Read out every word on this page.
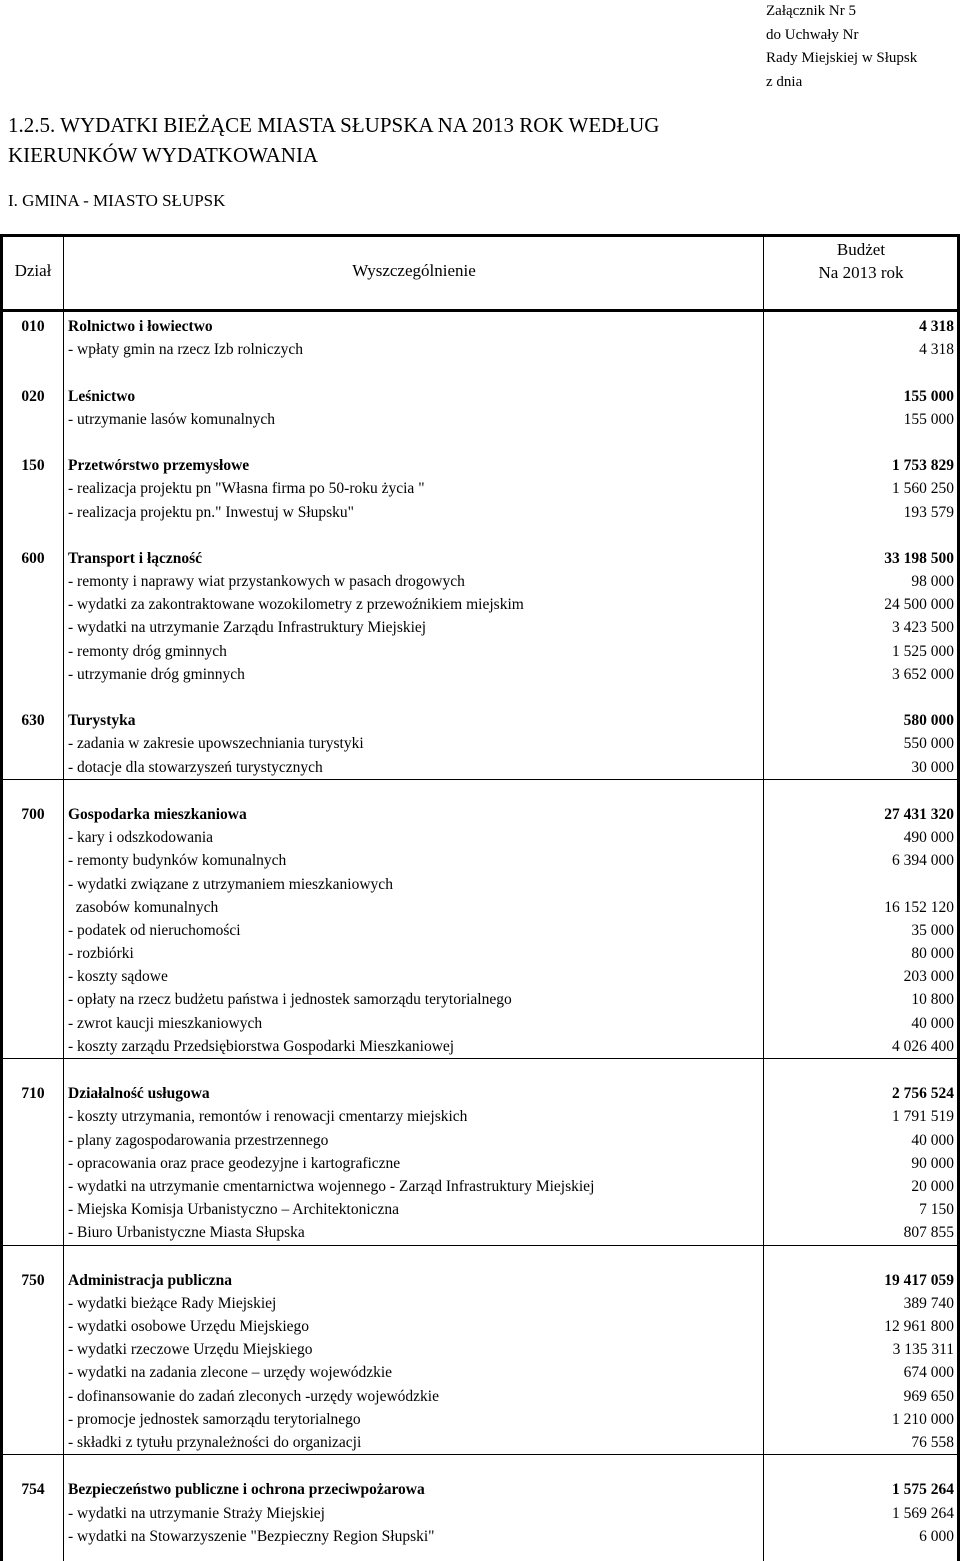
Załącznik Nr 5
do Uchwały Nr
Rady Miejskiej w Słupsk
z dnia
1.2.5. WYDATKI BIEŻĄCE MIASTA SŁUPSKA NA 2013 ROK WEDŁUG
KIERUNKÓW WYDATKOWANIA
I. GMINA - MIASTO SŁUPSK
Dział	Wyszczególnienie
Budżet
Na 2013 rok
010	Rolnictwo i łowiectwo	4 318
- wpłaty gmin na rzecz Izb rolniczych	4 318
020	Leśnictwo	155 000
- utrzymanie lasów komunalnych	155 000
150	Przetwórstwo przemysłowe	1 753 829
- realizacja projektu pn "Własna firma po 50-roku życia "	1 560 250
- realizacja projektu pn." Inwestuj w Słupsku"	193 579
600	Transport i łączność	33 198 500
- remonty i naprawy wiat przystankowych w pasach drogowych	98 000
- wydatki za zakontraktowane wozokilometry z przewoźnikiem miejskim	24 500 000
- wydatki na utrzymanie Zarządu Infrastruktury Miejskiej	3 423 500
- remonty dróg gminnych	1 525 000
- utrzymanie dróg gminnych	3 652 000
630	Turystyka	580 000
- zadania w zakresie upowszechniania turystyki	550 000
- dotacje dla stowarzyszeń turystycznych	30 000
700	Gospodarka mieszkaniowa	27 431 320
- kary i odszkodowania	490 000
- remonty budynków komunalnych	6 394 000
- wydatki związane z utrzymaniem mieszkaniowych
zasobów komunalnych	16 152 120
- podatek od nieruchomości	35 000
- rozbiórki	80 000
- koszty sądowe	203 000
- opłaty na rzecz budżetu państwa i jednostek samorządu terytorialnego	10 800
- zwrot kaucji mieszkaniowych	40 000
- koszty zarządu Przedsiębiorstwa Gospodarki Mieszkaniowej	4 026 400
710	Działalność usługowa	2 756 524
- koszty utrzymania, remontów i renowacji cmentarzy miejskich	1 791 519
- plany zagospodarowania przestrzennego	40 000
- opracowania oraz prace geodezyjne i kartograficzne	90 000
- wydatki na utrzymanie cmentarnictwa wojennego - Zarząd Infrastruktury Miejskiej	20 000
- Miejska Komisja Urbanistyczno – Architektoniczna	7 150
- Biuro Urbanistyczne Miasta Słupska	807 855
750	Administracja publiczna	19 417 059
- wydatki bieżące Rady Miejskiej	389 740
- wydatki osobowe Urzędu Miejskiego	12 961 800
- wydatki rzeczowe Urzędu Miejskiego	3 135 311
- wydatki na zadania zlecone – urzędy wojewódzkie	674 000
- dofinansowanie do zadań zleconych -urzędy wojewódzkie	969 650
- promocje jednostek samorządu terytorialnego	1 210 000
- składki z tytułu przynależności do organizacji	76 558
754	Bezpieczeństwo publiczne i ochrona przeciwpożarowa	1 575 264
- wydatki na utrzymanie Straży Miejskiej	1 569 264
- wydatki na Stowarzyszenie "Bezpieczny Region Słupski"	6 000
